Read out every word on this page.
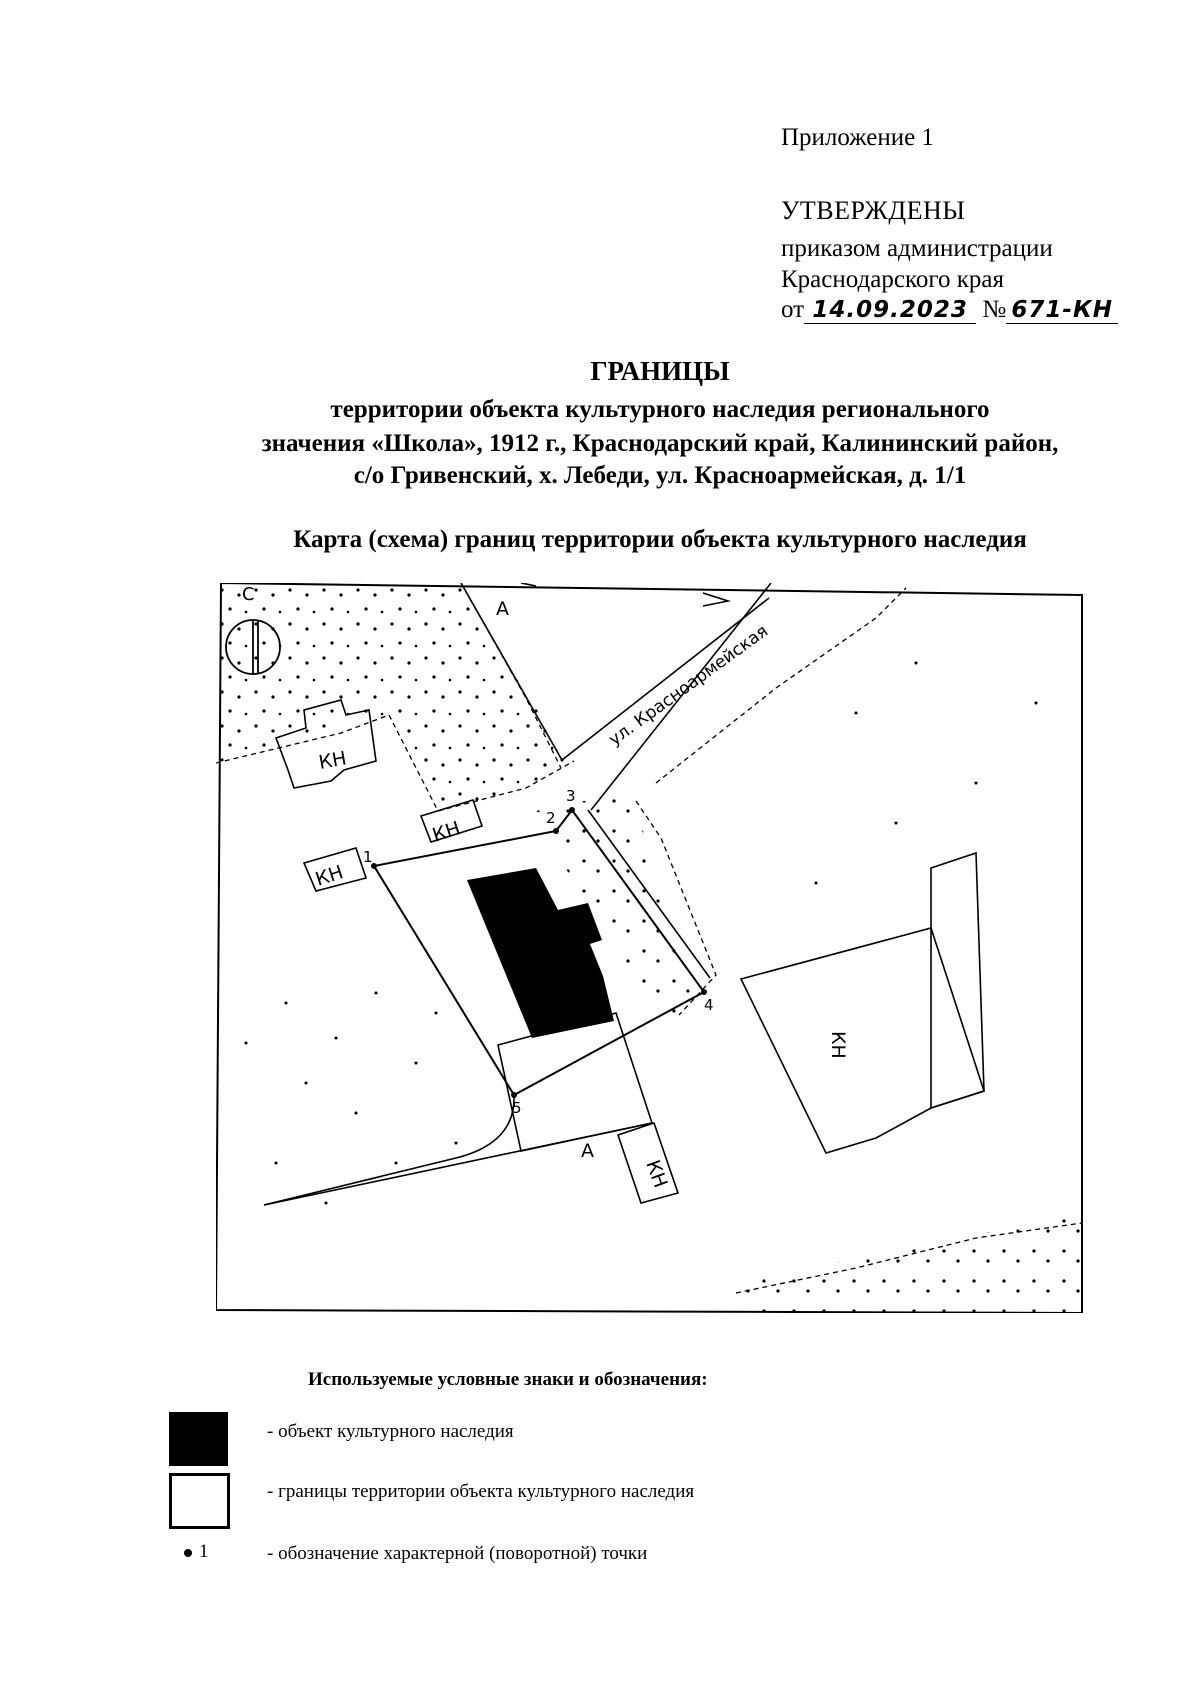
Приложение 1
УТВЕРЖДЕНЫ
приказом администрации
Краснодарского края
от 14.09.2023 № 671-КН
ГРАНИЦЫ
территории объекта культурного наследия регионального
значения «Школа», 1912 г., Краснодарский край, Калининский район,
с/о Гривенский, х. Лебеди, ул. Красноармейская, д. 1/1
Карта (схема) границ территории объекта культурного наследия
С
А
А
ул. Красноармейская
КН
КН
КН
КН
КН
1
2
3
4
5
Используемые условные знаки и обозначения:
- объект культурного наследия
- границы территории объекта культурного наследия
1	- обозначение характерной (поворотной) точки
